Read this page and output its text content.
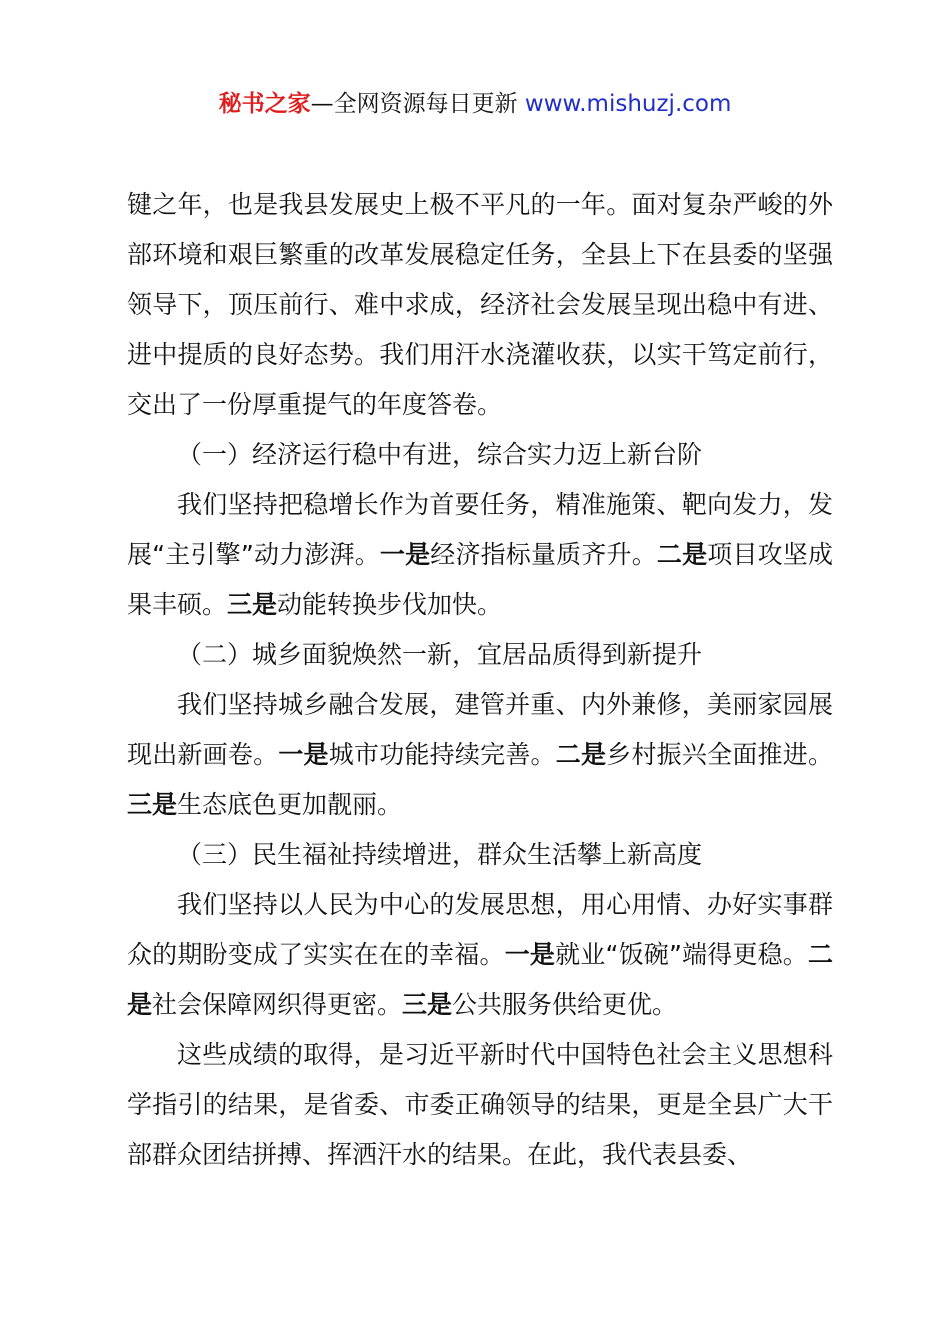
秘书之家—全网资源每日更新 www.mishuzj.com

键之年，也是我县发展史上极不平凡的一年。面对复杂严峻的外部环境和艰巨繁重的改革发展稳定任务，全县上下在县委的坚强领导下，顶压前行、难中求成，经济社会发展呈现出稳中有进、进中提质的良好态势。我们用汗水浇灌收获，以实干笃定前行，交出了一份厚重提气的年度答卷。

（一）经济运行稳中有进，综合实力迈上新台阶

我们坚持把稳增长作为首要任务，精准施策、靶向发力，发展“主引擎”动力澎湃。一是经济指标量质齐升。二是项目攻坚成果丰硕。三是动能转换步伐加快。

（二）城乡面貌焕然一新，宜居品质得到新提升

我们坚持城乡融合发展，建管并重、内外兼修，美丽家园展现出新画卷。一是城市功能持续完善。二是乡村振兴全面推进。三是生态底色更加靓丽。

（三）民生福祉持续增进，群众生活攀上新高度

我们坚持以人民为中心的发展思想，用心用情、办好实事群众的期盼变成了实实在在的幸福。一是就业“饭碗”端得更稳。二是社会保障网织得更密。三是公共服务供给更优。

这些成绩的取得，是习近平新时代中国特色社会主义思想科学指引的结果，是省委、市委正确领导的结果，更是全县广大干部群众团结拼搏、挥洒汗水的结果。在此，我代表县委、
